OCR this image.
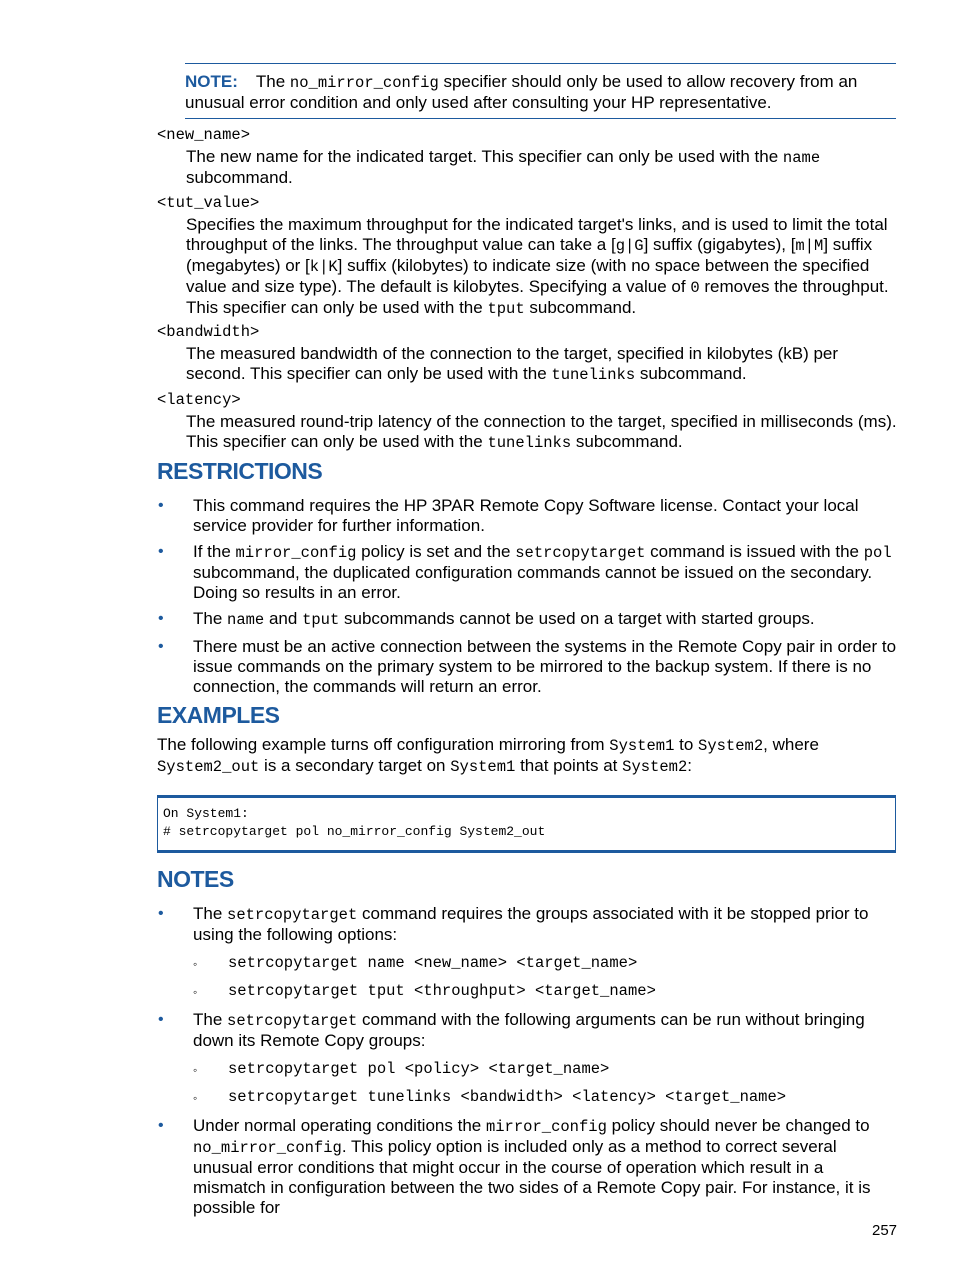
NOTE: The no_mirror_config specifier should only be used to allow recovery from an unusual error condition and only used after consulting your HP representative.
<new_name>
The new name for the indicated target. This specifier can only be used with the name subcommand.
<tut_value>
Specifies the maximum throughput for the indicated target's links, and is used to limit the total throughput of the links. The throughput value can take a [g|G] suffix (gigabytes), [m|M] suffix (megabytes) or [k|K] suffix (kilobytes) to indicate size (with no space between the specified value and size type). The default is kilobytes. Specifying a value of 0 removes the throughput. This specifier can only be used with the tput subcommand.
<bandwidth>
The measured bandwidth of the connection to the target, specified in kilobytes (kB) per second. This specifier can only be used with the tunelinks subcommand.
<latency>
The measured round-trip latency of the connection to the target, specified in milliseconds (ms). This specifier can only be used with the tunelinks subcommand.
RESTRICTIONS
• This command requires the HP 3PAR Remote Copy Software license. Contact your local service provider for further information.
• If the mirror_config policy is set and the setrcopytarget command is issued with the pol subcommand, the duplicated configuration commands cannot be issued on the secondary. Doing so results in an error.
• The name and tput subcommands cannot be used on a target with started groups.
• There must be an active connection between the systems in the Remote Copy pair in order to issue commands on the primary system to be mirrored to the backup system. If there is no connection, the commands will return an error.
EXAMPLES
The following example turns off configuration mirroring from System1 to System2, where System2_out is a secondary target on System1 that points at System2:
On System1:
# setrcopytarget pol no_mirror_config System2_out
NOTES
• The setrcopytarget command requires the groups associated with it be stopped prior to using the following options:
◦ setrcopytarget name <new_name> <target_name>
◦ setrcopytarget tput <throughput> <target_name>
• The setrcopytarget command with the following arguments can be run without bringing down its Remote Copy groups:
◦ setrcopytarget pol <policy> <target_name>
◦ setrcopytarget tunelinks <bandwidth> <latency> <target_name>
• Under normal operating conditions the mirror_config policy should never be changed to no_mirror_config. This policy option is included only as a method to correct several unusual error conditions that might occur in the course of operation which result in a mismatch in configuration between the two sides of a Remote Copy pair. For instance, it is possible for
257
